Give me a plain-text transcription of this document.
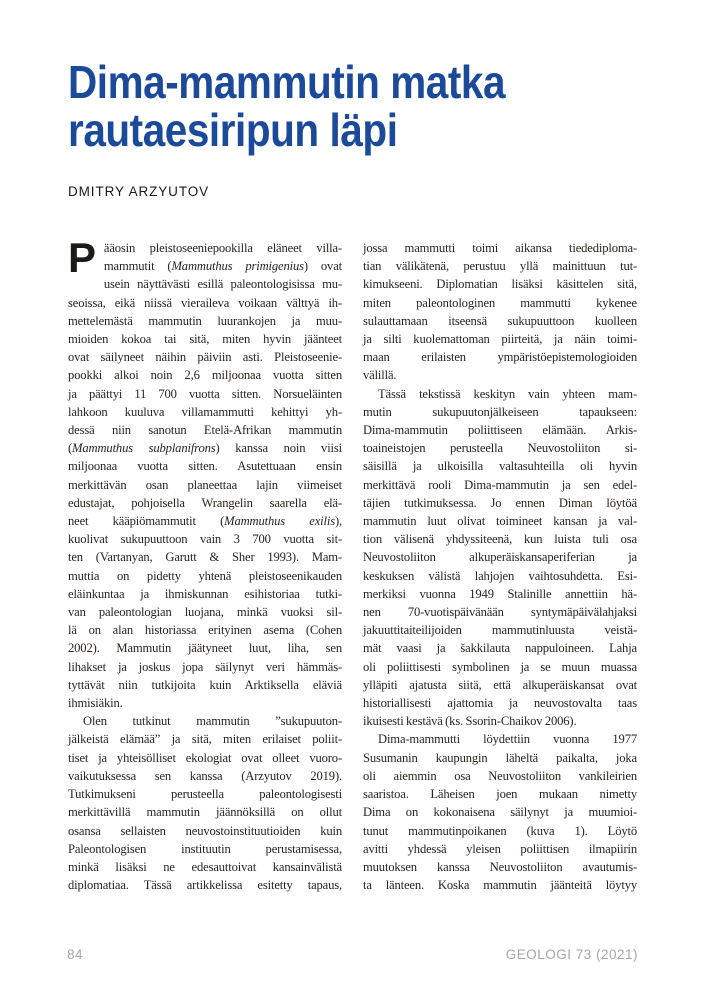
Dima-mammutin matka
rautaesiripun läpi
DMITRY ARZYUTOV
P ääosin pleistoseeniepookilla eläneet villa-
mammutit (Mammuthus primigenius) ovat
usein näyttävästi esillä paleontologisissa mu-
seoissa, eikä niissä vieraileva voikaan välttyä ih-
mettelemästä mammutin luurankojen ja muu-
mioiden kokoa tai sitä, miten hyvin jäänteet
ovat säilyneet näihin päiviin asti. Pleistoseenie-
pookki alkoi noin 2,6 miljoonaa vuotta sitten
ja päättyi 11 700 vuotta sitten. Norsueläinten
lahkoon kuuluva villamammutti kehittyi yh-
dessä niin sanotun Etelä-Afrikan mammutin
(Mammuthus subplanifrons) kanssa noin viisi
miljoonaa vuotta sitten. Asutettuaan ensin
merkittävän osan planeettaa lajin viimeiset
edustajat, pohjoisella Wrangelin saarella elä-
neet kääpiömammutit (Mammuthus exilis),
kuolivat sukupuuttoon vain 3 700 vuotta sit-
ten (Vartanyan, Garutt & Sher 1993). Mam-
muttia on pidetty yhtenä pleistoseenikauden
eläinkuntaa ja ihmiskunnan esihistoriaa tutki-
van paleontologian luojana, minkä vuoksi sil-
lä on alan historiassa erityinen asema (Cohen
2002). Mammutin jäätyneet luut, liha, sen
lihakset ja joskus jopa säilynyt veri hämmäs-
tyttävät niin tutkijoita kuin Arktiksella eläviä
ihmisiäkin.
Olen tutkinut mammutin ”sukupuuton-
jälkeistä elämää” ja sitä, miten erilaiset poliit-
tiset ja yhteisölliset ekologiat ovat olleet vuoro-
vaikutuksessa sen kanssa (Arzyutov 2019).
Tutkimukseni perusteella paleontologisesti
merkittävillä mammutin jäännöksillä on ollut
osansa sellaisten neuvostoinstituutioiden kuin
Paleontologisen instituutin perustamisessa,
minkä lisäksi ne edesauttoivat kansainvälistä
diplomatiaa. Tässä artikkelissa esitetty tapaus,
jossa mammutti toimi aikansa tiedediploma-
tian välikätenä, perustuu yllä mainittuun tut-
kimukseeni. Diplomatian lisäksi käsittelen sitä,
miten paleontologinen mammutti kykenee
sulauttamaan itseensä sukupuuttoon kuolleen
ja silti kuolemattoman piirteitä, ja näin toimi-
maan erilaisten ympäristöepistemologioiden
välillä.
Tässä tekstissä keskityn vain yhteen mam-
mutin sukupuutonjälkeiseen tapaukseen:
Dima-mammutin poliittiseen elämään. Arkis-
toaineistojen perusteella Neuvostoliiton si-
säisillä ja ulkoisilla valtasuhteilla oli hyvin
merkittävä rooli Dima-mammutin ja sen edel-
täjien tutkimuksessa. Jo ennen Diman löytöä
mammutin luut olivat toimineet kansan ja val-
tion välisenä yhdyssiteenä, kun luista tuli osa
Neuvostoliiton alkuperäiskansaperiferian ja
keskuksen välistä lahjojen vaihtosuhdetta. Esi-
merkiksi vuonna 1949 Stalinille annettiin hä-
nen 70-vuotispäivänään syntymäpäivälahjaksi
jakuuttitaiteilijoiden mammutinluusta veistä-
mät vaasi ja šakkilauta nappuloineen. Lahja
oli poliittisesti symbolinen ja se muun muassa
ylläpiti ajatusta siitä, että alkuperäiskansat ovat
historiallisesti ajattomia ja neuvostovalta taas
ikuisesti kestävä (ks. Ssorin-Chaikov 2006).
Dima-mammutti löydettiin vuonna 1977
Susumanin kaupungin läheltä paikalta, joka
oli aiemmin osa Neuvostoliiton vankileirien
saaristoa. Läheisen joen mukaan nimetty
Dima on kokonaisena säilynyt ja muumioi-
tunut mammutinpoikanen (kuva 1). Löytö
avitti yhdessä yleisen poliittisen ilmapiirin
muutoksen kanssa Neuvostoliiton avautumis-
ta länteen. Koska mammutin jäänteitä löytyy
84	GEOLOGI 73 (2021)
